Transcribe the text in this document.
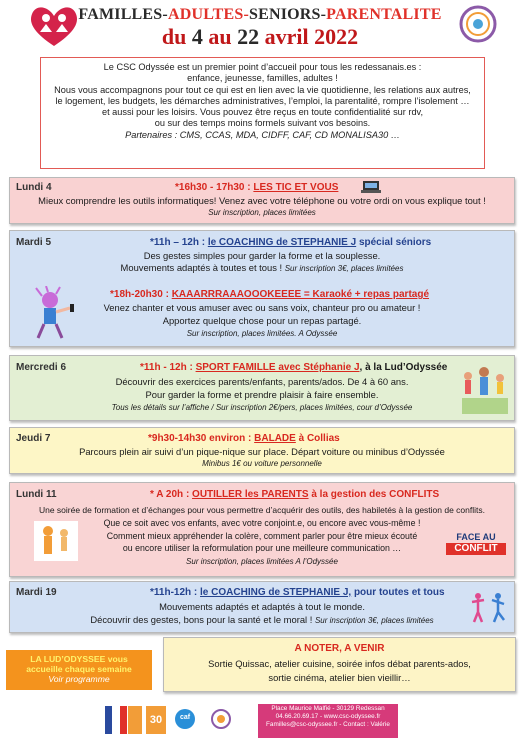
FAMILLES-ADULTES-SENIORS-PARENTALITE
du 4 au 22 avril 2022
Le CSC Odyssée est un premier point d’accueil pour tous les redessanais.es :
enfance, jeunesse, familles, adultes !
Nous vous accompagnons pour tout ce qui est en lien avec la vie quotidienne, les relations aux autres,
le logement, les budgets, les démarches administratives, l’emploi, la parentalité, rompre l’isolement …
et aussi pour les loisirs. Vous pouvez être reçus en toute confidentialité sur rdv,
ou sur des temps moins formels suivant vos besoins.
Partenaires : CMS, CCAS, MDA, CIDFF, CAF, CD MONALISA30 …
Lundi 4	*16h30 - 17h30 : LES TIC ET VOUS
Mieux comprendre les outils informatiques! Venez avec votre téléphone ou votre ordi on vous explique tout !
Sur inscription, places limitées
Mardi 5	*11h – 12h : le COACHING de STEPHANIE J spécial séniors
Des gestes simples pour garder la forme et la souplesse.
Mouvements adaptés à toutes et tous ! Sur inscription 3€, places limitées
*18h-20h30 : KAAARRRAAAOOOKEEEE = Karaoké + repas partagé
Venez chanter et vous amuser avec ou sans voix, chanteur pro ou amateur !
Apportez quelque chose pour un repas partagé.
Sur inscription, places limitées. A Odyssée
Mercredi 6	*11h - 12h : SPORT FAMILLE avec Stéphanie J, à la Lud’Odyssée
Découvrir des exercices parents/enfants, parents/ados. De 4 à 60 ans.
Pour garder la forme et prendre plaisir à faire ensemble.
Tous les détails sur l’affiche / Sur inscription 2€/pers, places limitées, cour d’Odyssée
Jeudi 7	*9h30-14h30 environ : BALADE à Collias
Parcours plein air suivi d’un pique-nique sur place. Départ voiture ou minibus d’Odyssée
Minibus 1€ ou voiture personnelle
Lundi 11	* A 20h : OUTILLER les PARENTS à la gestion des CONFLITS
Une soirée de formation et d’échanges pour vous permettre d’acquérir des outils, des habiletés à la gestion de conflits.
Que ce soit avec vos enfants, avec votre conjoint.e, ou encore avec vous-même !
Comment mieux appréhender la colère, comment parler pour être mieux écouté
ou encore utiliser la reformulation pour une meilleure communication …
Sur inscription, places limitées A l’Odyssée
FACE AU
CONFLIT
Mardi 19	*11h-12h : le COACHING de STEPHANIE J, pour toutes et tous
Mouvements adaptés et adaptés à tout le monde.
Découvrir des gestes, bons pour la santé et le moral ! Sur inscription 3€, places limitées
LA LUD’ODYSSEE vous
accueille chaque semaine
Voir programme
A NOTER, A VENIR
Sortie Quissac, atelier cuisine, soirée infos débat parents-ados,
sortie cinéma, atelier bien vieillir…
30	caf
Place Maurice Malfié - 30129 Redessan
04.66.20.69.17 - www.csc-odyssee.fr
Familles@csc-odyssee.fr - Contact : Valérie
